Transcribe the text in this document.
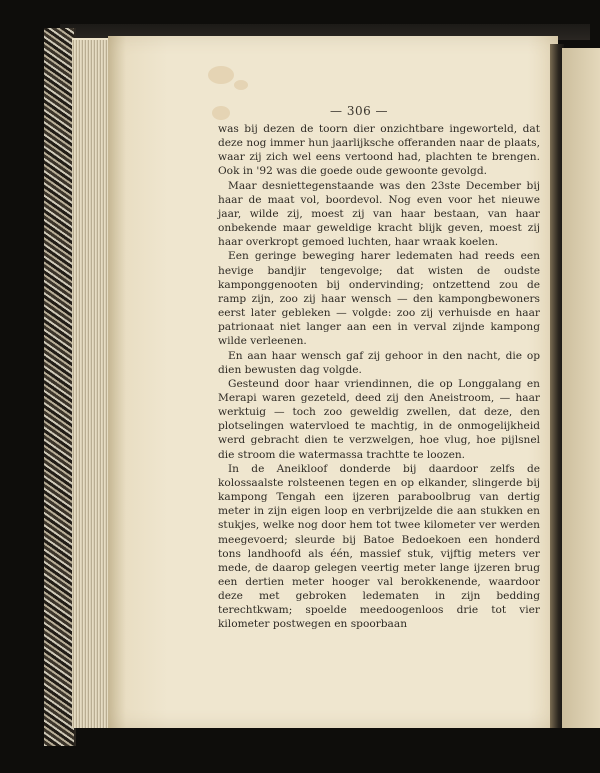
— 306 —

was bij dezen de toorn dier onzichtbare ingeworteld, dat deze nog immer hun jaarlijksche offeranden naar de plaats, waar zij zich wel eens vertoond had, plachten te brengen. Ook in '92 was die goede oude gewoonte gevolgd.

Maar desniettegenstaande was den 23ste December bij haar de maat vol, boordevol. Nog even voor het nieuwe jaar, wilde zij, moest zij van haar bestaan, van haar onbekende maar geweldige kracht blijk geven, moest zij haar overkropt gemoed luchten, haar wraak koelen.

Een geringe beweging harer ledematen had reeds een hevige bandjir tengevolge; dat wisten de oudste kamponggenooten bij ondervinding; ontzettend zou de ramp zijn, zoo zij haar wensch — den kampongbewoners eerst later gebleken — volgde: zoo zij verhuisde en haar patrionaat niet langer aan een in verval zijnde kampong wilde verleenen.

En aan haar wensch gaf zij gehoor in den nacht, die op dien bewusten dag volgde.

Gesteund door haar vriendinnen, die op Longgalang en Merapi waren gezeteld, deed zij den Aneistroom, — haar werktuig — toch zoo geweldig zwellen, dat deze, den plotselingen watervloed te machtig, in de onmogelijkheid werd gebracht dien te verzwelgen, hoe vlug, hoe pijlsnel die stroom die watermassa trachtte te loozen.

In de Aneikloof donderde bij daardoor zelfs de kolossaalste rolsteenen tegen en op elkander, slingerde bij kampong Tengah een ijzeren paraboolbrug van dertig meter in zijn eigen loop en verbrijzelde die aan stukken en stukjes, welke nog door hem tot twee kilometer ver werden meegevoerd; sleurde bij Batoe Bedoekoen een honderd tons landhoofd als één, massief stuk, vijftig meters ver mede, de daarop gelegen veertig meter lange ijzeren brug een dertien meter hooger val berokkenende, waardoor deze met gebroken ledematen in zijn bedding terechtkwam; spoelde meedoogenloos drie tot vier kilometer postwegen en spoorbaan
